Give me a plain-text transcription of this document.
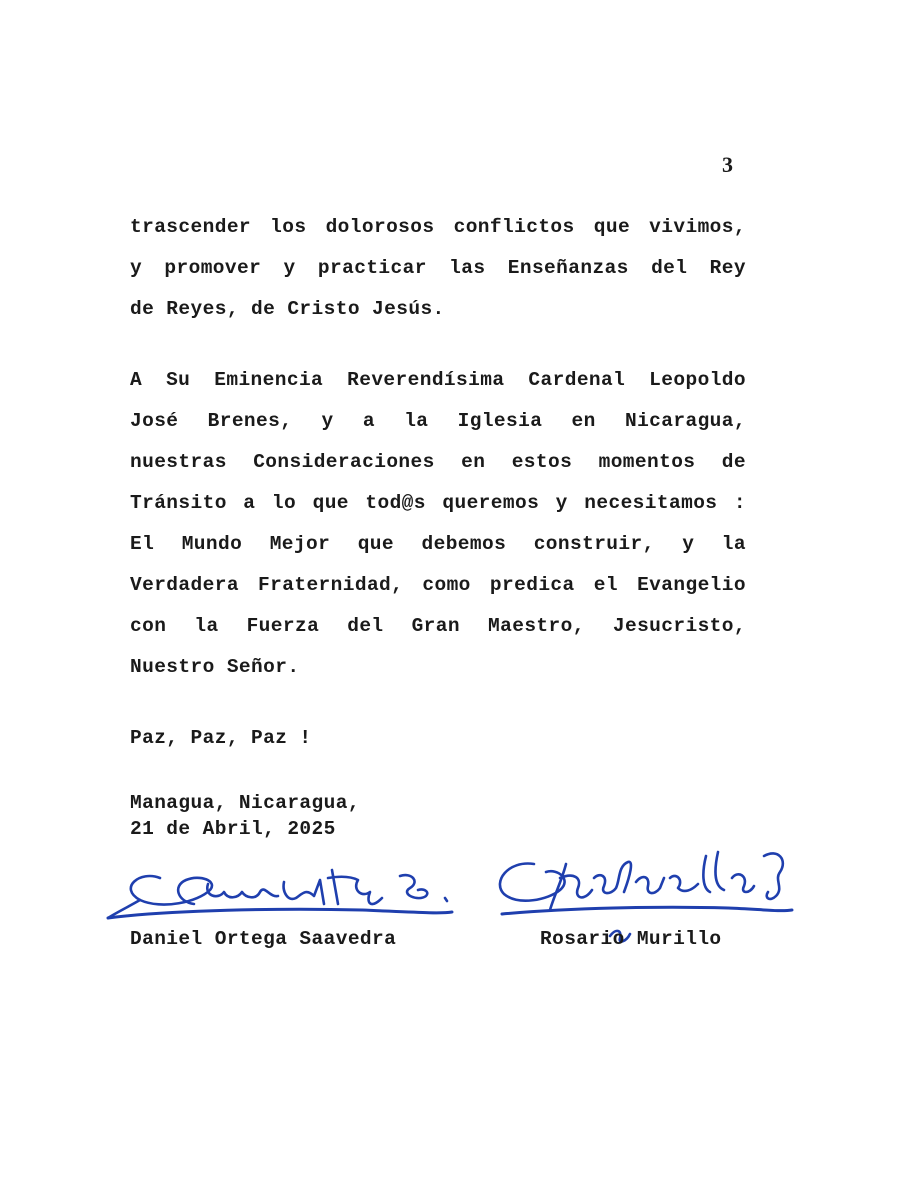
3
trascender los dolorosos conflictos que vivimos,
y promover y practicar las Enseñanzas del Rey
de Reyes, de Cristo Jesús.
A Su Eminencia Reverendísima Cardenal Leopoldo
José Brenes, y a la Iglesia en Nicaragua,
nuestras Consideraciones en estos momentos de
Tránsito a lo que tod@s queremos y necesitamos :
El Mundo Mejor que debemos construir, y la
Verdadera Fraternidad, como predica el Evangelio
con la Fuerza del Gran Maestro, Jesucristo,
Nuestro Señor.
Paz, Paz, Paz !
Managua, Nicaragua,
21 de Abril, 2025
Daniel Ortega Saavedra	Rosario Murillo
